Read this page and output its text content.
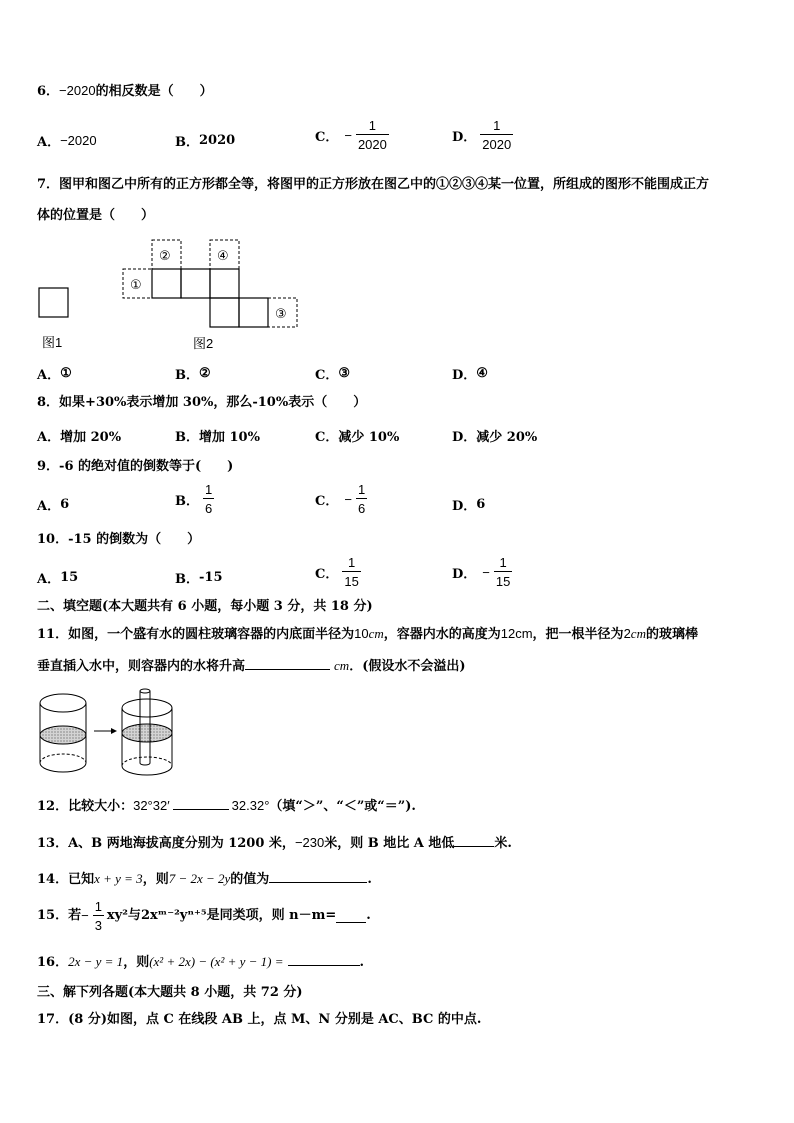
6．−2020的相反数是（　　）
A． −2020	B． 2020	C． − $\frac{1}{2020}$	D． $\frac{1}{2020}$
7．图甲和图乙中所有的正方形都全等，将图甲的正方形放在图乙中的①②③④某一位置，所组成的图形不能围成正方
体的位置是（　　）
图1
①
②	④
③
图2
A． ①	B． ②	C． ③	D． ④
8．如果+30%表示增加 30%，那么-10%表示（　　）
A．增加 20%	B．增加 10%	C．减少 10%	D．减少 20%
9．-6 的绝对值的倒数等于(　　)
A． 6	B． $\frac{1}{6}$	C． − $\frac{1}{6}$	D． 6
10．-15 的倒数为（　　）
A． 15	B． -15	C． $\frac{1}{15}$	D． − $\frac{1}{15}$
二、填空题(本大题共有 6 小题，每小题 3 分，共 18 分)
11．如图，一个盛有水的圆柱玻璃容器的内底面半径为10cm，容器内水的高度为12cm，把一根半径为2cm的玻璃棒
垂直插入水中，则容器内的水将升高	cm．(假设水不会溢出)
12．比较大小：32°32′	32.32°（填“＞”、“＜”或“＝”).
13．A、B 两地海拔高度分别为 1200 米，−230米，则 B 地比 A 地低	米.
14．已知x + y = 3，则7 − 2x − 2y的值为	.
15．若 − $\frac{1}{3} xy^2$ 与 2xᵐ⁻²yⁿ⁺⁵ 是同类项，则 n－m= .
16．2x − y = 1，则(x² + 2x) − (x² + y − 1) =	.
三、解下列各题(本大题共 8 小题，共 72 分)
17．(8 分)如图，点 C 在线段 AB 上，点 M、N 分别是 AC、BC 的中点.
